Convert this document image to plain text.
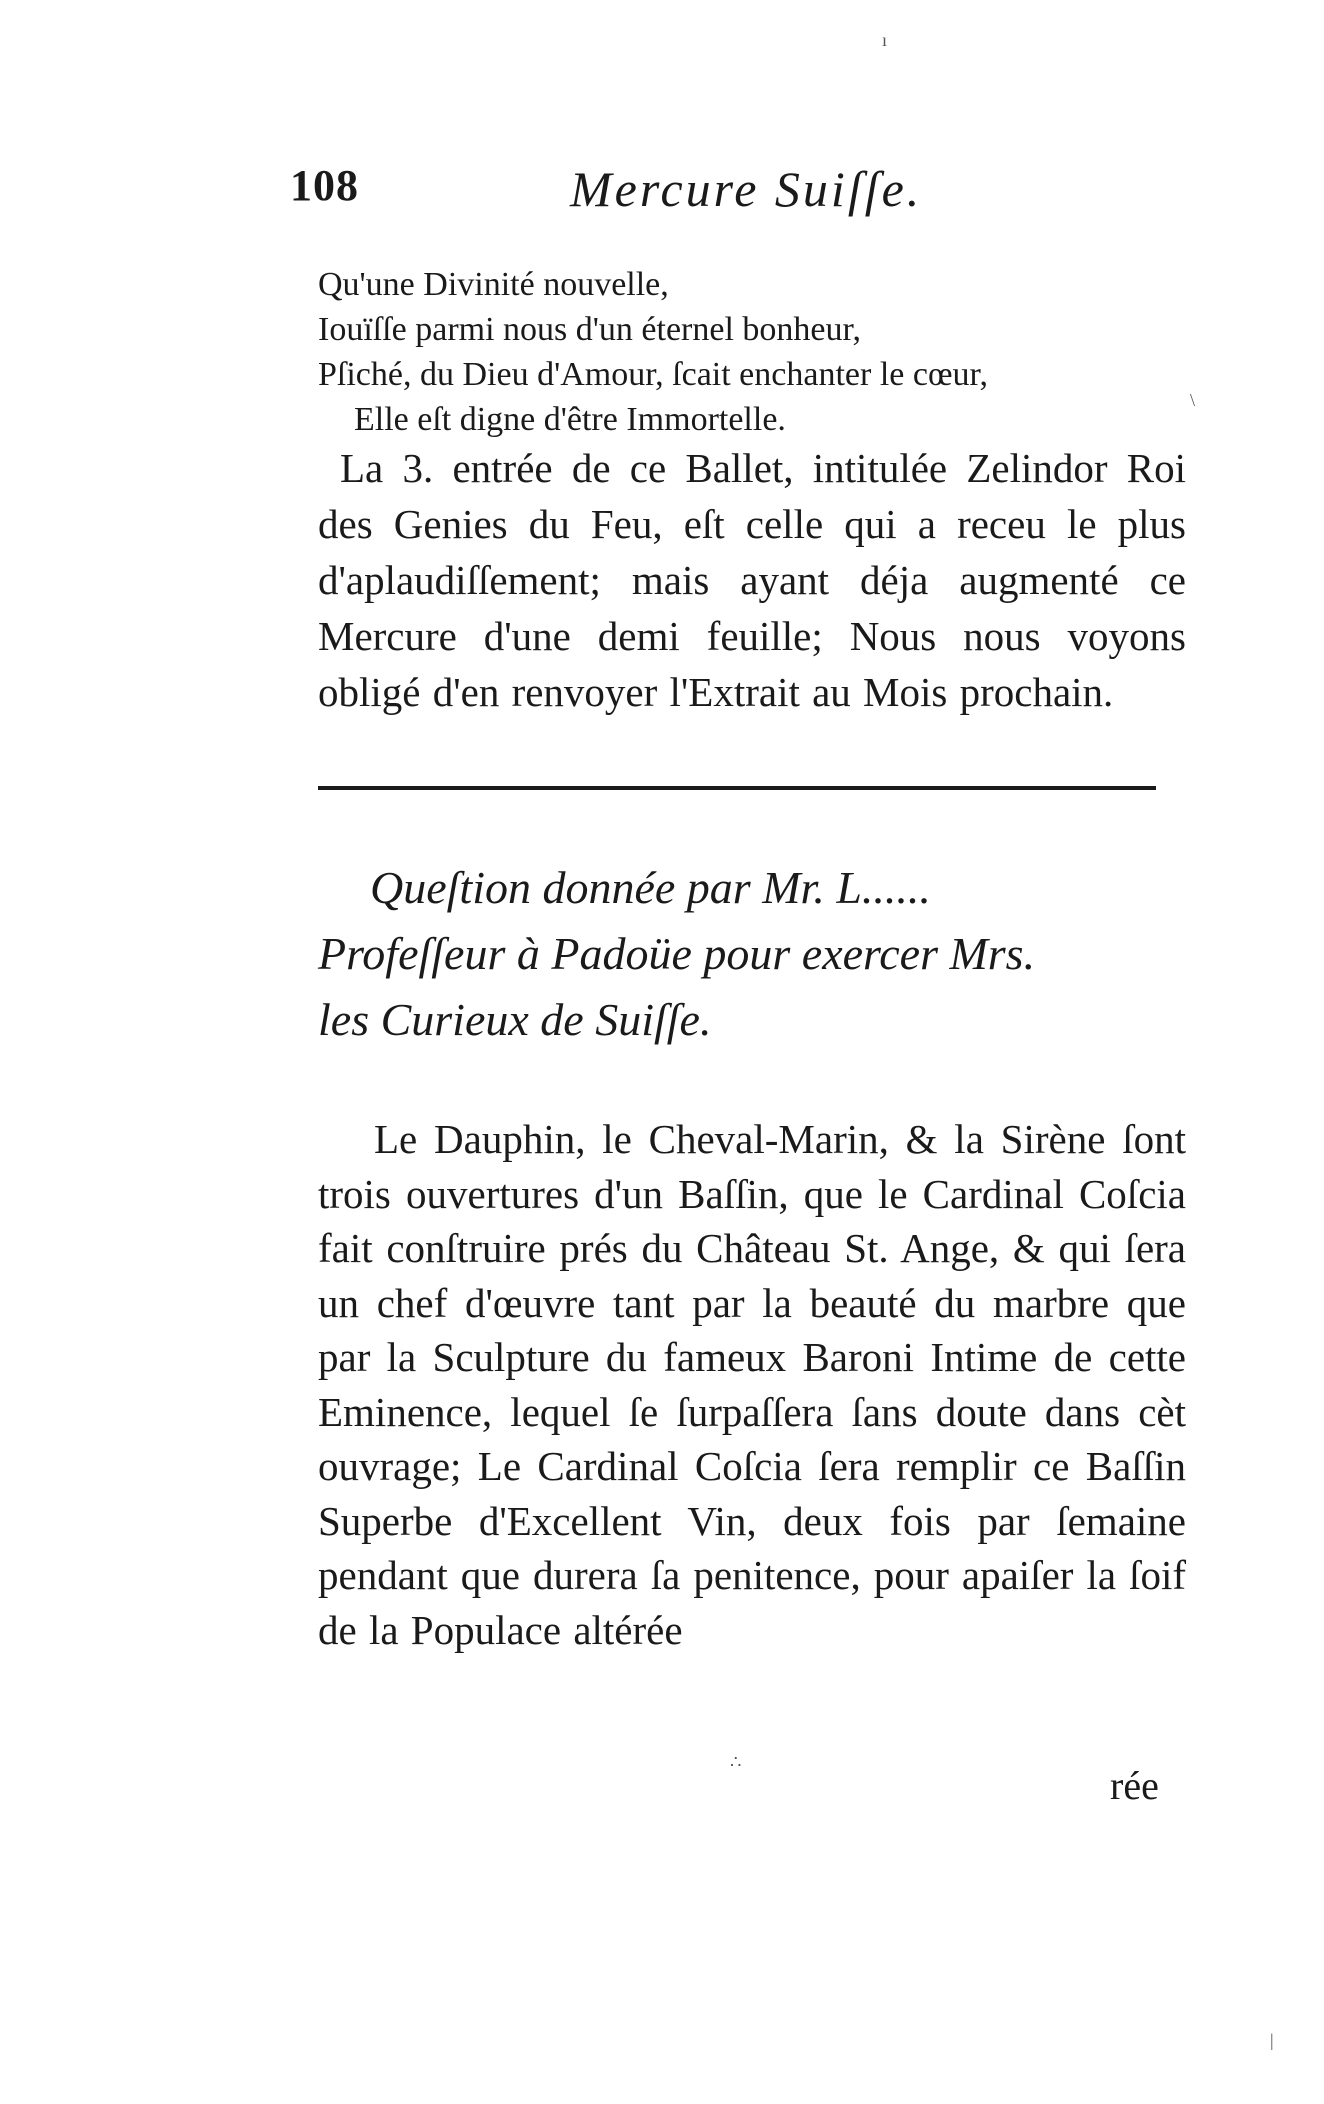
108	Mercure Suiſſe.
Qu'une Divinité nouvelle,
Iouïſſe parmi nous d'un éternel bonheur,
Pſiché, du Dieu d'Amour, ſcait enchanter le cœur,
Elle eſt digne d'être Immortelle.
La 3. entrée de ce Ballet, intitulée Zelindor Roi des Genies du Feu, eſt celle qui a receu le plus d'aplaudiſſement; mais ayant déja augmenté ce Mercure d'une demi feuille; Nous nous voyons obligé d'en renvoyer l'Extrait au Mois prochain.
Queſtion donnée par Mr. L......
Profeſſeur à Padoüe pour exercer Mrs.
les Curieux de Suiſſe.
Le Dauphin, le Cheval-Marin, & la Sirène ſont trois ouvertures d'un Baſſin, que le Cardinal Coſcia fait conſtruire prés du Château St. Ange, & qui ſera un chef d'œuvre tant par la beauté du marbre que par la Sculpture du fameux Baroni Intime de cette Eminence, lequel ſe ſurpaſſera ſans doute dans cèt ouvrage; Le Cardinal Coſcia ſera remplir ce Baſſin Superbe d'Excellent Vin, deux fois par ſemaine pendant que durera ſa penitence, pour apaiſer la ſoif de la Populace altérée
rée
ı
\
∴
|
